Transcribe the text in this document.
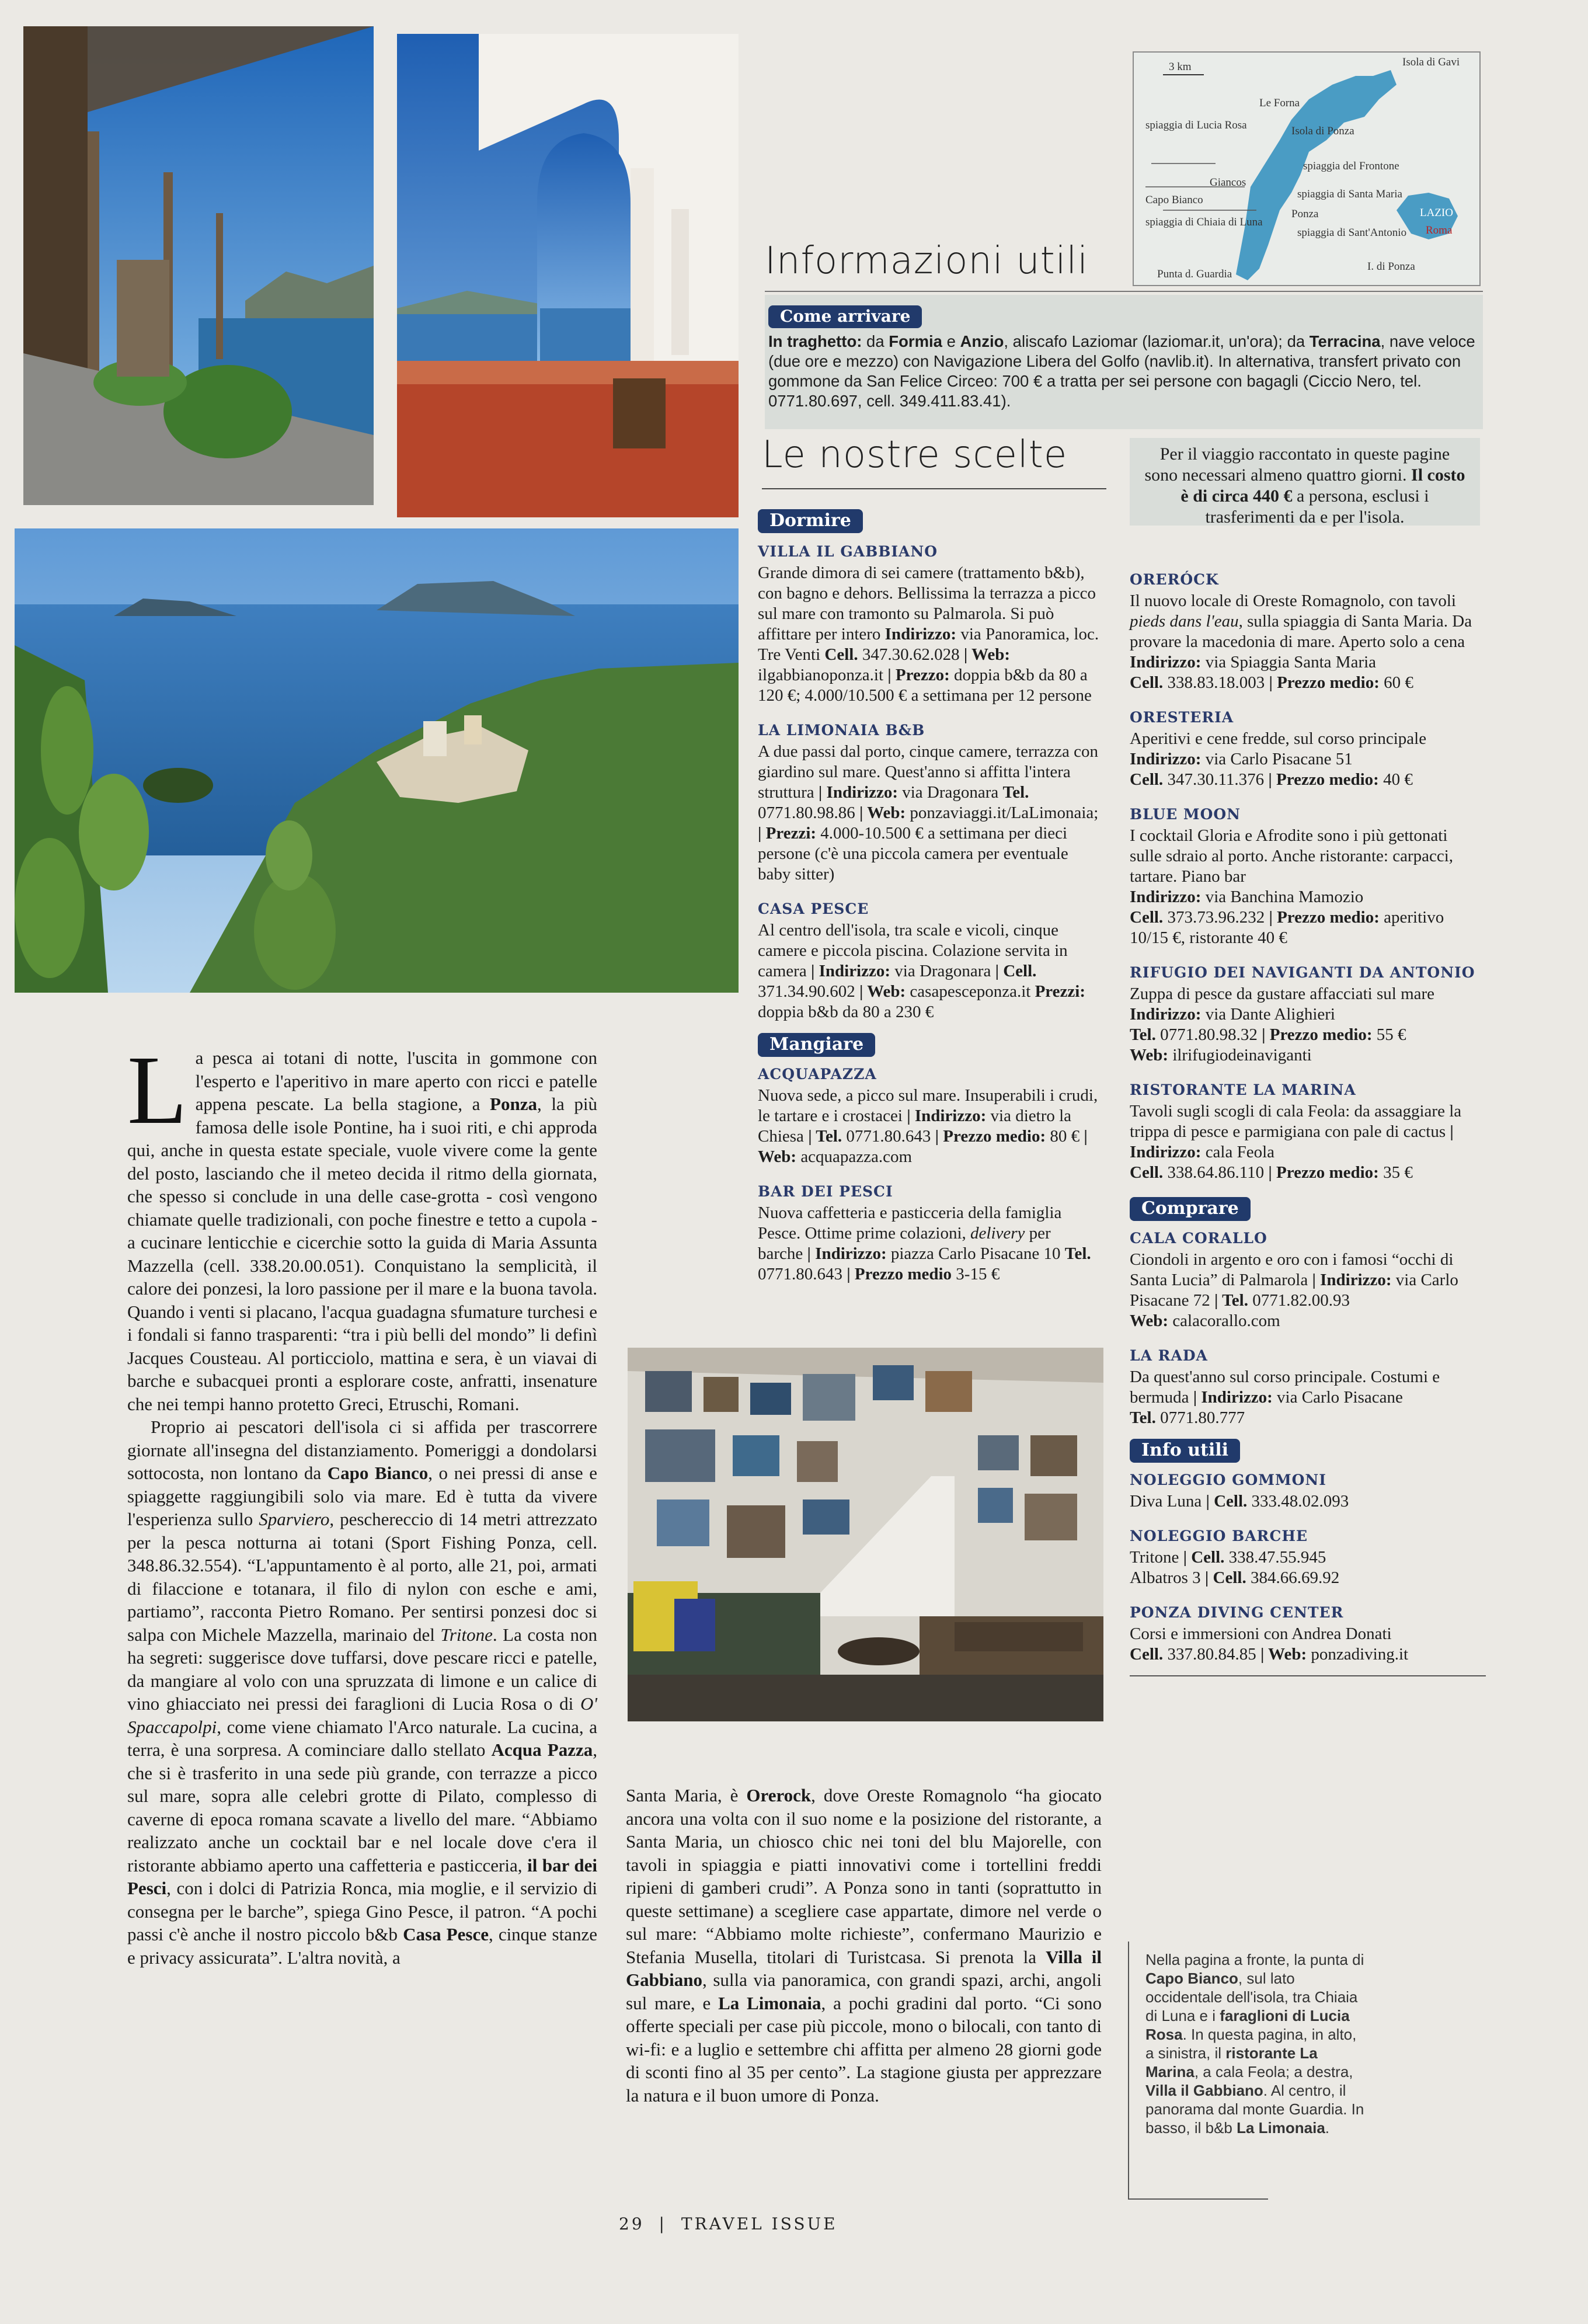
3 km	Isola di Gavi
Le Forna
Isola di Ponza
spiaggia di Lucia Rosa
spiaggia del Frontone
Giancos
spiaggia di Santa Maria
Capo Bianco
Ponza
spiaggia di Chiaia di Luna
spiaggia di Sant'Antonio
LAZIO
Roma
Punta d. Guardia
I. di Ponza
Informazioni utili
Come arrivare
In traghetto: da Formia e Anzio, aliscafo Laziomar (laziomar.it, un'ora); da Terracina, nave veloce (due ore e mezzo) con Navigazione Libera del Golfo (navlib.it). In alternativa, transfert privato con gommone da San Felice Circeo: 700 € a tratta per sei persone con bagagli (Ciccio Nero, tel. 0771.80.697, cell. 349.411.83.41).
Le nostre scelte	Per il viaggio raccontato in queste pagine sono necessari almeno quattro giorni. Il costo è di circa 440 € a persona, esclusi i trasferimenti da e per l'isola.
Dormire
VILLA IL GABBIANO
Grande dimora di sei camere (trattamento b&b), con bagno e dehors. Bellissima la terrazza a picco sul mare con tramonto su Palmarola. Si può affittare per intero Indirizzo: via Panoramica, loc. Tre Venti Cell. 347.30.62.028 | Web: ilgabbianoponza.it | Prezzo: doppia b&b da 80 a 120 €; 4.000/10.500 € a settimana per 12 persone
LA LIMONAIA B&B
A due passi dal porto, cinque camere, terrazza con giardino sul mare. Quest'anno si affitta l'intera struttura | Indirizzo: via Dragonara Tel. 0771.80.98.86 | Web: ponzaviaggi.it/LaLimonaia; | Prezzi: 4.000-10.500 € a settimana per dieci persone (c'è una piccola camera per eventuale baby sitter)
CASA PESCE
Al centro dell'isola, tra scale e vicoli, cinque camere e piccola piscina. Colazione servita in camera | Indirizzo: via Dragonara | Cell. 371.34.90.602 | Web: casapesceponza.it Prezzi: doppia b&b da 80 a 230 €
Mangiare
ACQUAPAZZA
Nuova sede, a picco sul mare. Insuperabili i crudi, le tartare e i crostacei | Indirizzo: via dietro la Chiesa | Tel. 0771.80.643 | Prezzo medio: 80 € | Web: acquapazza.com
BAR DEI PESCI
Nuova caffetteria e pasticceria della famiglia Pesce. Ottime prime colazioni, delivery per barche | Indirizzo: piazza Carlo Pisacane 10 Tel. 0771.80.643 | Prezzo medio 3-15 €
ORERÓCK
Il nuovo locale di Oreste Romagnolo, con tavoli pieds dans l'eau, sulla spiaggia di Santa Maria. Da provare la macedonia di mare. Aperto solo a cena
Indirizzo: via Spiaggia Santa Maria
Cell. 338.83.18.003 | Prezzo medio: 60 €
ORESTERIA
Aperitivi e cene fredde, sul corso principale
Indirizzo: via Carlo Pisacane 51
Cell. 347.30.11.376 | Prezzo medio: 40 €
BLUE MOON
I cocktail Gloria e Afrodite sono i più gettonati sulle sdraio al porto. Anche ristorante: carpacci, tartare. Piano bar
Indirizzo: via Banchina Mamozio
Cell. 373.73.96.232 | Prezzo medio: aperitivo 10/15 €, ristorante 40 €
RIFUGIO DEI NAVIGANTI DA ANTONIO
Zuppa di pesce da gustare affacciati sul mare
Indirizzo: via Dante Alighieri
Tel. 0771.80.98.32 | Prezzo medio: 55 €
Web: ilrifugiodeinaviganti
RISTORANTE LA MARINA
Tavoli sugli scogli di cala Feola: da assaggiare la trippa di pesce e parmigiana con pale di cactus | Indirizzo: cala Feola
Cell. 338.64.86.110 | Prezzo medio: 35 €
Comprare
CALA CORALLO
Ciondoli in argento e oro con i famosi “occhi di Santa Lucia” di Palmarola | Indirizzo: via Carlo Pisacane 72 | Tel. 0771.82.00.93
Web: calacorallo.com
LA RADA
Da quest'anno sul corso principale. Costumi e bermuda | Indirizzo: via Carlo Pisacane
Tel. 0771.80.777
Info utili
NOLEGGIO GOMMONI
Diva Luna | Cell. 333.48.02.093
NOLEGGIO BARCHE
Tritone | Cell. 338.47.55.945
Albatros 3 | Cell. 384.66.69.92
PONZA DIVING CENTER
Corsi e immersioni con Andrea Donati
Cell. 337.80.84.85 | Web: ponzadiving.it

La pesca ai totani di notte, l'uscita in gommone con l'esperto e l'aperitivo in mare aperto con ricci e patelle appena pescate. La bella stagione, a Ponza, la più famosa delle isole Pontine, ha i suoi riti, e chi approda qui, anche in questa estate speciale, vuole vivere come la gente del posto, lasciando che il meteo decida il ritmo della giornata, che spesso si conclude in una delle case-grotta - così vengono chiamate quelle tradizionali, con poche finestre e tetto a cupola - a cucinare lenticchie e cicerchie sotto la guida di Maria Assunta Mazzella (cell. 338.20.00.051). Conquistano la semplicità, il calore dei ponzesi, la loro passione per il mare e la buona tavola. Quando i venti si placano, l'acqua guadagna sfumature turchesi e i fondali si fanno trasparenti: “tra i più belli del mondo” li definì Jacques Cousteau. Al porticciolo, mattina e sera, è un viavai di barche e subacquei pronti a esplorare coste, anfratti, insenature che nei tempi hanno protetto Greci, Etruschi, Romani.

Proprio ai pescatori dell'isola ci si affida per trascorrere giornate all'insegna del distanziamento. Pomeriggi a dondolarsi sottocosta, non lontano da Capo Bianco, o nei pressi di anse e spiaggette raggiungibili solo via mare. Ed è tutta da vivere l'esperienza sullo Sparviero, peschereccio di 14 metri attrezzato per la pesca notturna ai totani (Sport Fishing Ponza, cell. 348.86.32.554). “L'appuntamento è al porto, alle 21, poi, armati di filaccione e totanara, il filo di nylon con esche e ami, partiamo”, racconta Pietro Romano. Per sentirsi ponzesi doc si salpa con Michele Mazzella, marinaio del Tritone. La costa non ha segreti: suggerisce dove tuffarsi, dove pescare ricci e patelle, da mangiare al volo con una spruzzata di limone e un calice di vino ghiacciato nei pressi dei faraglioni di Lucia Rosa o di O' Spaccapolpi, come viene chiamato l'Arco naturale. La cucina, a terra, è una sorpresa. A cominciare dallo stellato Acqua Pazza, che si è trasferito in una sede più grande, con terrazze a picco sul mare, sopra alle celebri grotte di Pilato, complesso di caverne di epoca romana scavate a livello del mare. “Abbiamo realizzato anche un cocktail bar e nel locale dove c'era il ristorante abbiamo aperto una caffetteria e pasticceria, il bar dei Pesci, con i dolci di Patrizia Ronca, mia moglie, e il servizio di consegna per le barche”, spiega Gino Pesce, il patron. “A pochi passi c'è anche il nostro piccolo b&b Casa Pesce, cinque stanze e privacy assicurata”. L'altra novità, a

Santa Maria, è Orerock, dove Oreste Romagnolo “ha giocato ancora una volta con il suo nome e la posizione del ristorante, a Santa Maria, un chiosco chic nei toni del blu Majorelle, con tavoli in spiaggia e piatti innovativi come i tortellini freddi ripieni di gamberi crudi”. A Ponza sono in tanti (soprattutto in queste settimane) a scegliere case appartate, dimore nel verde o sul mare: “Abbiamo molte richieste”, confermano Maurizio e Stefania Musella, titolari di Turistcasa. Si prenota la Villa il Gabbiano, sulla via panoramica, con grandi spazi, archi, angoli sul mare, e La Limonaia, a pochi gradini dal porto. “Ci sono offerte speciali per case più piccole, mono o bilocali, con tanto di wi-fi: e a luglio e settembre chi affitta per almeno 28 giorni gode di sconti fino al 35 per cento”. La stagione giusta per apprezzare la natura e il buon umore di Ponza.

Nella pagina a fronte, la punta di Capo Bianco, sul lato occidentale dell'isola, tra Chiaia di Luna e i faraglioni di Lucia Rosa. In questa pagina, in alto, a sinistra, il ristorante La Marina, a cala Feola; a destra, Villa il Gabbiano. Al centro, il panorama dal monte Guardia. In basso, il b&b La Limonaia.
29 | TRAVEL ISSUE
